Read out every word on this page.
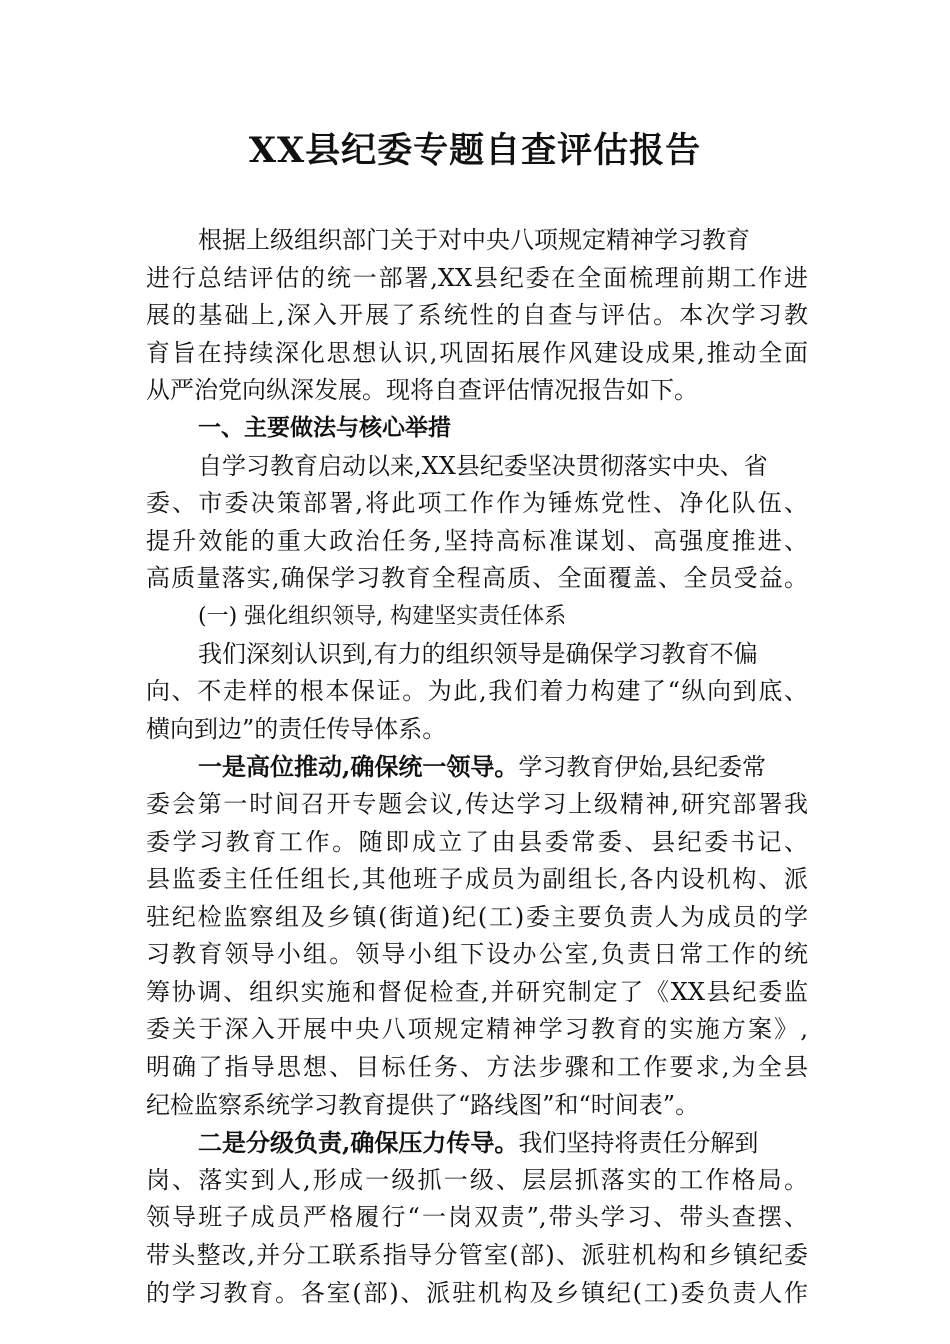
XX县纪委专题自查评估报告
根据上级组织部门关于对中央八项规定精神学习教育
进行总结评估的统一部署,XX县纪委在全面梳理前期工作进
展的基础上,深入开展了系统性的自查与评估。本次学习教
育旨在持续深化思想认识,巩固拓展作风建设成果,推动全面
从严治党向纵深发展。现将自查评估情况报告如下。
一、主要做法与核心举措
自学习教育启动以来,XX县纪委坚决贯彻落实中央、省
委、市委决策部署,将此项工作作为锤炼党性、净化队伍、
提升效能的重大政治任务,坚持高标准谋划、高强度推进、
高质量落实,确保学习教育全程高质、全面覆盖、全员受益。
(一) 强化组织领导, 构建坚实责任体系
我们深刻认识到,有力的组织领导是确保学习教育不偏
向、不走样的根本保证。为此,我们着力构建了“纵向到底、
横向到边”的责任传导体系。
一是高位推动,确保统一领导。学习教育伊始,县纪委常
委会第一时间召开专题会议,传达学习上级精神,研究部署我
委学习教育工作。随即成立了由县委常委、县纪委书记、
县监委主任任组长,其他班子成员为副组长,各内设机构、派
驻纪检监察组及乡镇(街道)纪(工)委主要负责人为成员的学
习教育领导小组。领导小组下设办公室,负责日常工作的统
筹协调、组织实施和督促检查,并研究制定了《XX县纪委监
委关于深入开展中央八项规定精神学习教育的实施方案》,
明确了指导思想、目标任务、方法步骤和工作要求,为全县
纪检监察系统学习教育提供了“路线图”和“时间表”。
二是分级负责,确保压力传导。我们坚持将责任分解到
岗、落实到人,形成一级抓一级、层层抓落实的工作格局。
领导班子成员严格履行“一岗双责”,带头学习、带头查摆、
带头整改,并分工联系指导分管室(部)、派驻机构和乡镇纪委
的学习教育。各室(部)、派驻机构及乡镇纪(工)委负责人作
